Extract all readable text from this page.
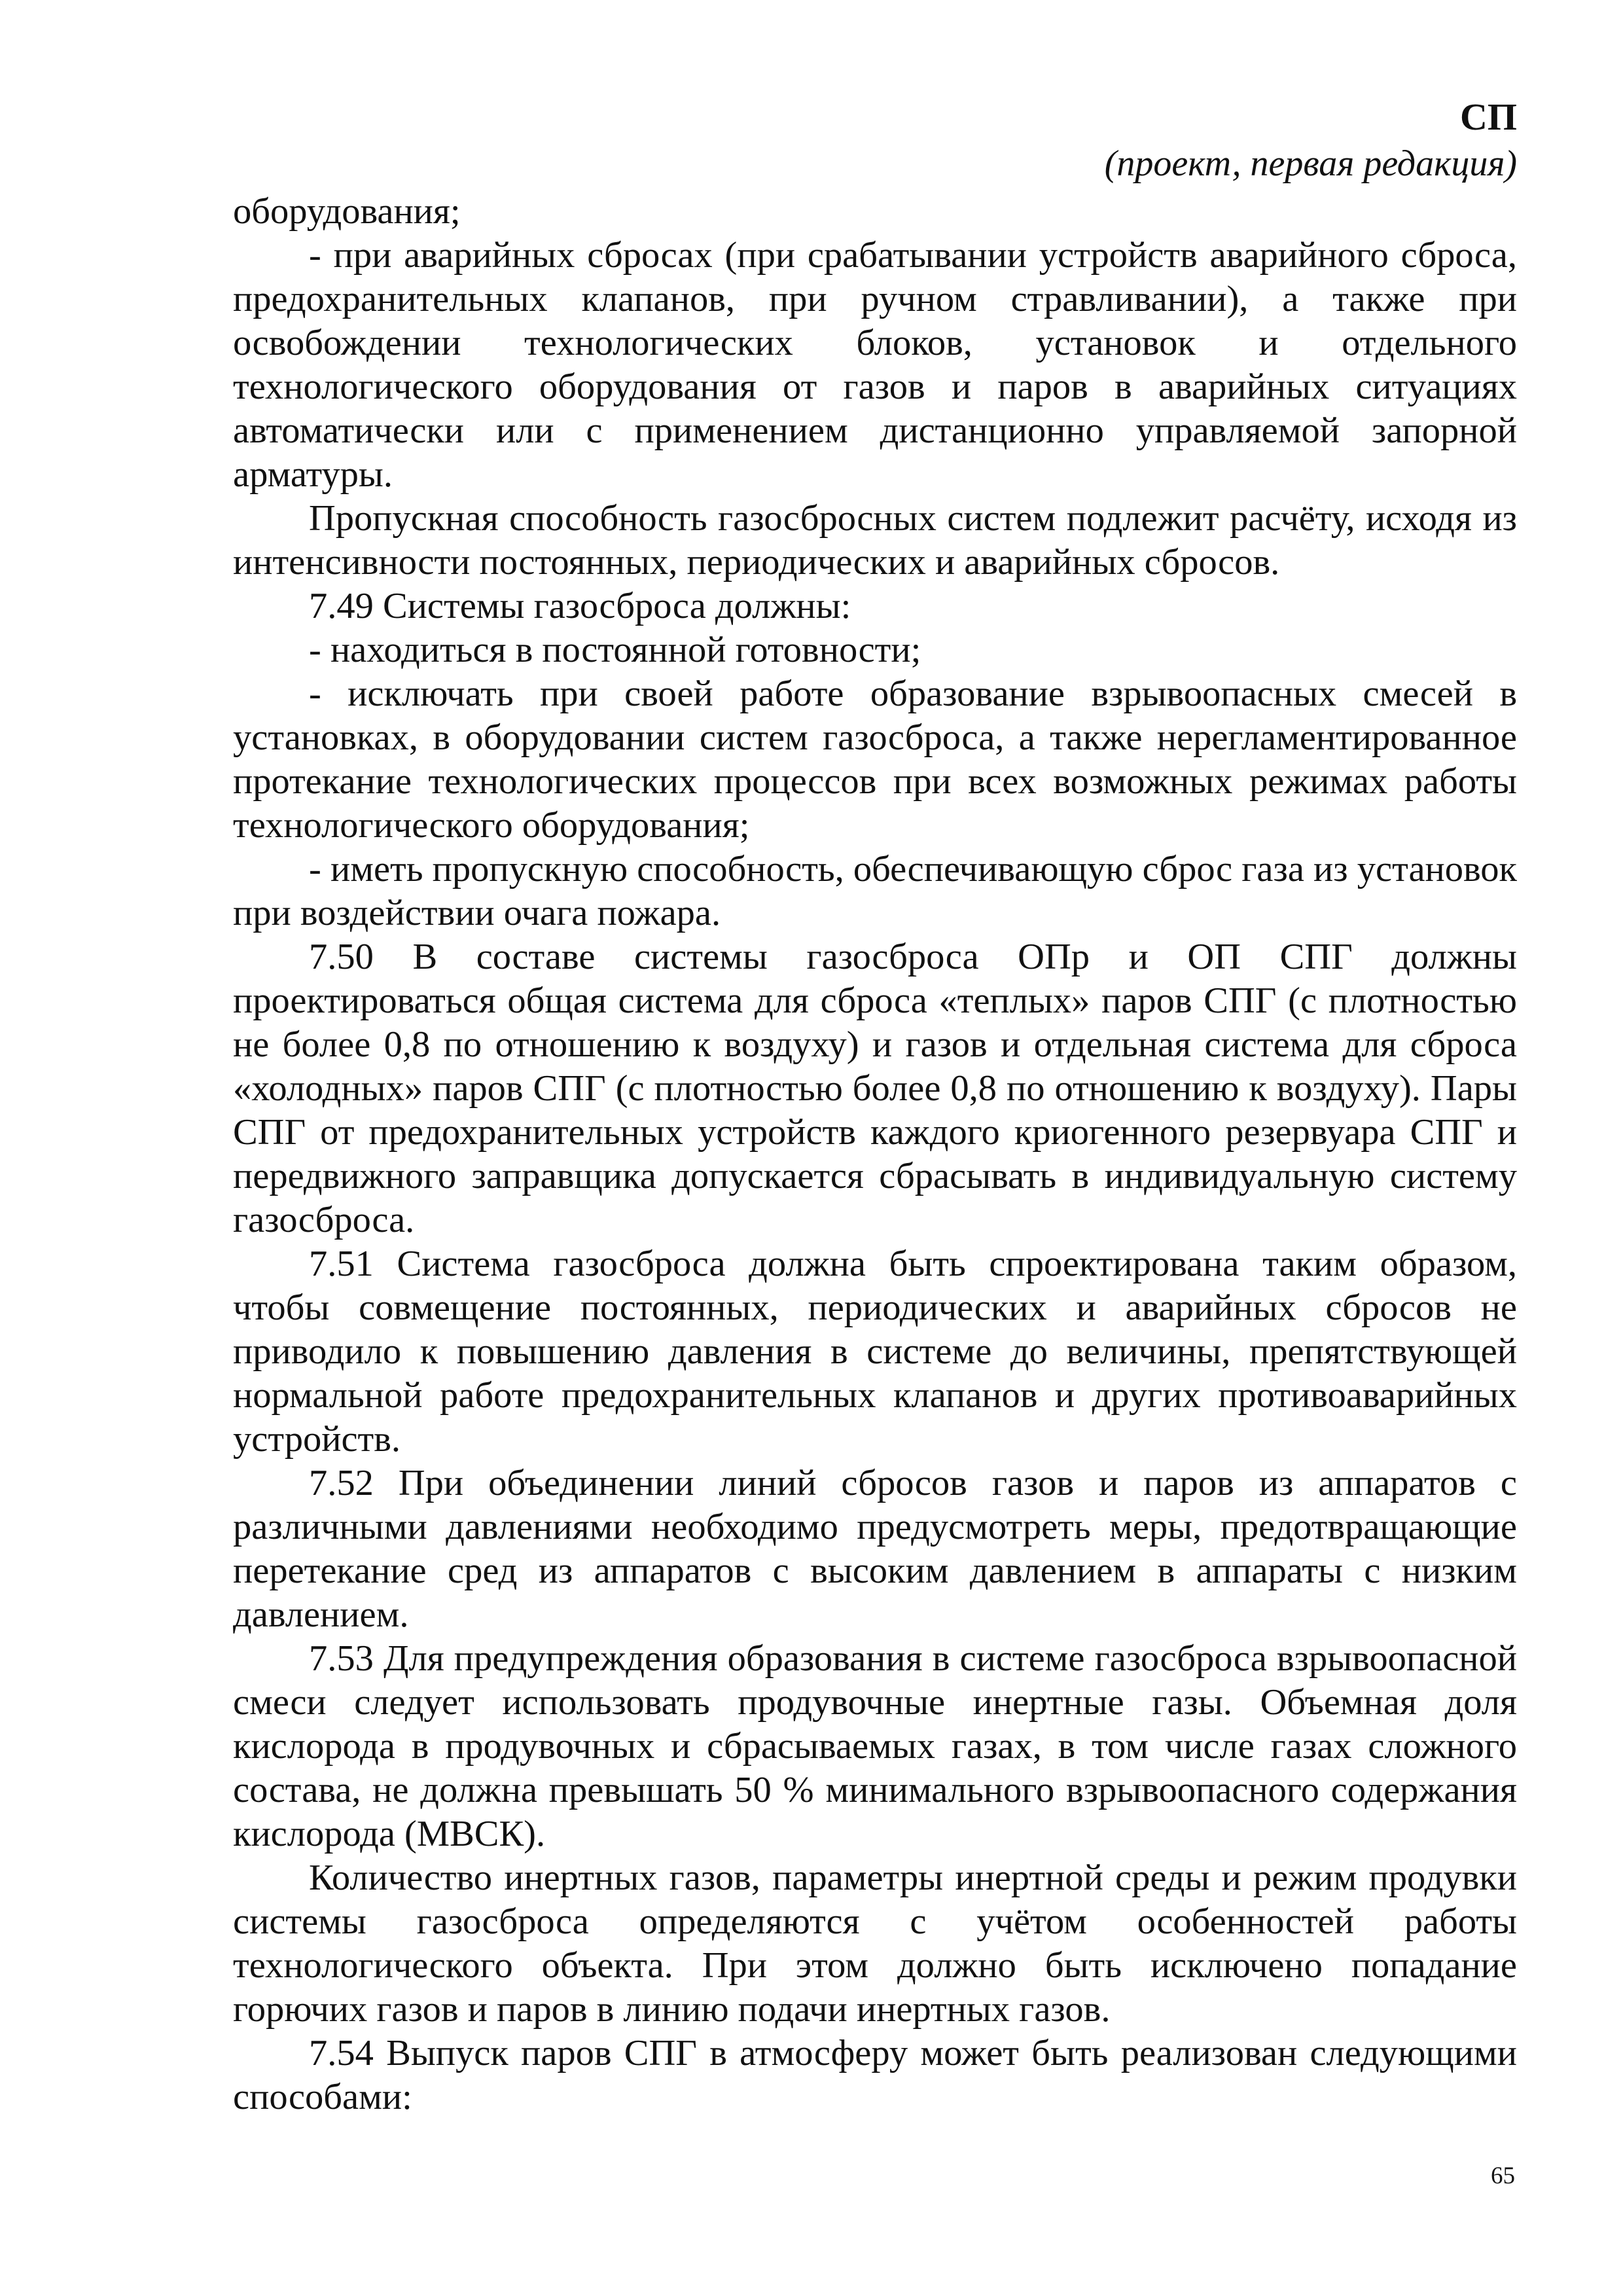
СП
(проект, первая редакция)

оборудования;

- при аварийных сбросах (при срабатывании устройств аварийного сброса, предохранительных клапанов, при ручном стравливании), а также при освобождении технологических блоков, установок и отдельного технологического оборудования от газов и паров в аварийных ситуациях автоматически или с применением дистанционно управляемой запорной арматуры.

Пропускная способность газосбросных систем подлежит расчёту, исходя из интенсивности постоянных, периодических и аварийных сбросов.

7.49 Системы газосброса должны:

- находиться в постоянной готовности;

- исключать при своей работе образование взрывоопасных смесей в установках, в оборудовании систем газосброса, а также нерегламентированное протекание технологических процессов при всех возможных режимах работы технологического оборудования;

- иметь пропускную способность, обеспечивающую сброс газа из установок при воздействии очага пожара.

7.50 В составе системы газосброса ОПр и ОП СПГ должны проектироваться общая система для сброса «теплых» паров СПГ (с плотностью не более 0,8 по отношению к воздуху) и газов и отдельная система для сброса «холодных» паров СПГ (с плотностью более 0,8 по отношению к воздуху). Пары СПГ от предохранительных устройств каждого криогенного резервуара СПГ и передвижного заправщика допускается сбрасывать в индивидуальную систему газосброса.

7.51 Система газосброса должна быть спроектирована таким образом, чтобы совмещение постоянных, периодических и аварийных сбросов не приводило к повышению давления в системе до величины, препятствующей нормальной работе предохранительных клапанов и других противоаварийных устройств.

7.52 При объединении линий сбросов газов и паров из аппаратов с различными давлениями необходимо предусмотреть меры, предотвращающие перетекание сред из аппаратов с высоким давлением в аппараты с низким давлением.

7.53 Для предупреждения образования в системе газосброса взрывоопасной смеси следует использовать продувочные инертные газы. Объемная доля кислорода в продувочных и сбрасываемых газах, в том числе газах сложного состава, не должна превышать 50 % минимального взрывоопасного содержания кислорода (МВСК).

Количество инертных газов, параметры инертной среды и режим продувки системы газосброса определяются с учётом особенностей работы технологического объекта. При этом должно быть исключено попадание горючих газов и паров в линию подачи инертных газов.

7.54 Выпуск паров СПГ в атмосферу может быть реализован следующими способами:

65
